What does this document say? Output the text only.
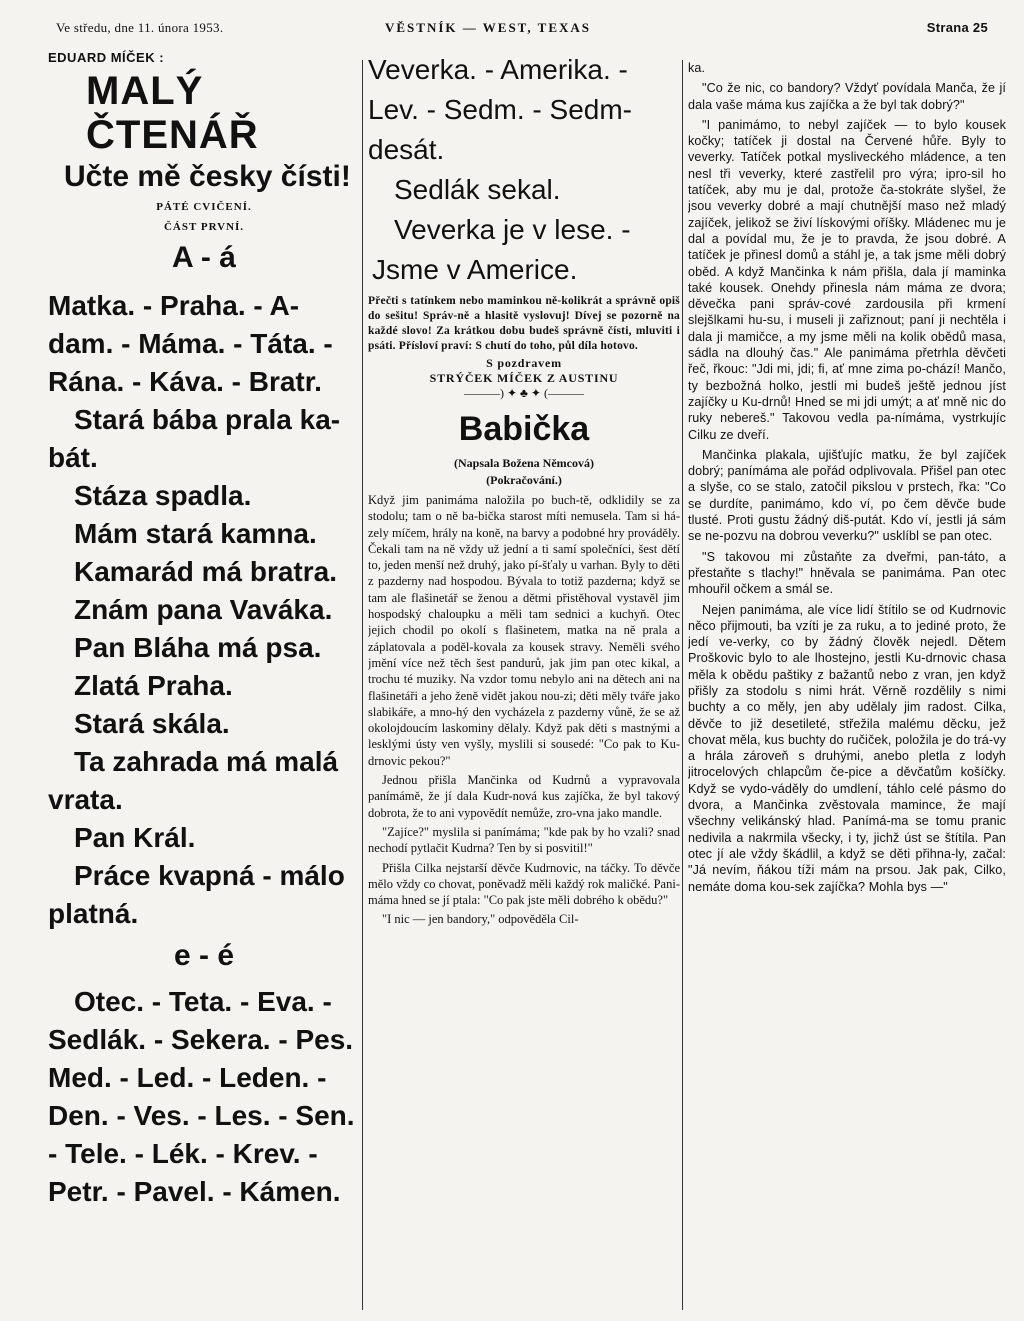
Ve středu, dne 11. února 1953.	VĚSTNÍK — WEST, TEXAS	Strana 25
EDUARD MÍČEK :
MALÝ ČTENÁŘ
Učte mě česky čísti!
PÁTÉ CVIČENÍ.
ČÁST PRVNÍ.
A - á
Matka. - Praha. - A-
dam. - Máma. - Táta. -
Rána. - Káva. - Bratr.
Stará bába prala ka-
bát.
Stáza spadla.
Mám stará kamna.
Kamarád má bratra.
Znám pana Vaváka.
Pan Bláha má psa.
Zlatá Praha.
Stará skála.
Ta zahrada má malá
vrata.
Pan Král.
Práce kvapná - málo
platná.
e - é
Otec. - Teta. - Eva. -
Sedlák. - Sekera. - Pes.
Med. - Led. - Leden. -
Den. - Ves. - Les. - Sen.
- Tele. - Lék. - Krev. -
Petr. - Pavel. - Kámen.
Veverka. - Amerika. -
Lev. - Sedm. - Sedm-
desát.
Sedlák sekal.
Veverka je v lese. -
Jsme v Americe.
Přečti s tatínkem nebo maminkou ně-kolikrát a správně opiš do sešitu! Správ-ně a hlasitě vyslovuj! Dívej se pozorně na každé slovo! Za krátkou dobu budeš správně čísti, mluviti i psáti. Přísloví praví: S chutí do toho, půl díla hotovo.
S pozdravem
STRÝČEK MÍČEK Z AUSTINU
———) ✦ ♣ ✦ (———
Babička
(Napsala Božena Němcová)
(Pokračování.)
Když jim panimáma naložila po buch-tě, odklidily se za stodolu; tam o ně ba-bička starost míti nemusela. Tam si há-zely míčem, hrály na koně, na barvy a podobné hry prováděly. Čekali tam na ně vždy už jední a ti samí společníci, šest dětí to, jeden menší než druhý, jako pí-šťaly u varhan. Byly to děti z pazderny nad hospodou. Bývala to totiž pazderna; když se tam ale flašinetář se ženou a dětmi přistěhoval vystavěl jim hospodský chaloupku a měli tam sednici a kuchyň. Otec jejich chodil po okolí s flašinetem, matka na ně prala a záplatovala a poděl-kovala za kousek stravy. Neměli svého jmění více než těch šest pandurů, jak jim pan otec kikal, a trochu té muziky. Na vzdor tomu nebylo ani na dětech ani na flašinetáři a jeho ženě vidět jakou nou-zi; děti měly tváře jako slabikáře, a mno-hý den vycházela z pazderny vůně, že se až okolojdoucím laskominy dělaly. Když pak děti s mastnými a lesklými ústy ven vyšly, myslili si sousedé: "Co pak to Ku-drnovic pekou?"
Jednou přišla Mančinka od Kudrnů a vypravovala panímámě, že jí dala Kudr-nová kus zajíčka, že byl takový dobrota, že to ani vypovědít nemůže, zro-vna jako mandle.
"Zajíce?" myslila si panímáma; "kde pak by ho vzali? snad nechodí pytlačit Kudrna? Ten by si posvitil!"
Přišla Cilka nejstarší děvče Kudrnovic, na táčky. To děvče mělo vždy co chovat, poněvadž měli každý rok maličké. Pani-máma hned se jí ptala: "Co pak jste měli dobrého k obědu?"
"I nic — jen bandory," odpověděla Cil-
ka.
"Co že nic, co bandory? Vždyť povídala Manča, že jí dala vaše máma kus zajíčka a že byl tak dobrý?"
"I panimámo, to nebyl zajíček — to bylo kousek kočky; tatíček ji dostal na Červené hůře. Byly to veverky. Tatíček potkal mysliveckého mládence, a ten nesl tři veverky, které zastřelil pro výra; ipro-sil ho tatíček, aby mu je dal, protože ča-stokráte slyšel, že jsou veverky dobré a mají chutnější maso než mladý zajíček, jelikož se živí lískovými oříšky. Mládenec mu je dal a povídal mu, že je to pravda, že jsou dobré. A tatíček je přinesl domů a stáhl je, a tak jsme měli dobrý oběd. A když Mančinka k nám přišla, dala jí maminka také kousek. Onehdy přinesla nám máma ze dvora; děvečka pani správ-cové zardousila při krmení slejšlkami hu-su, i museli ji zařiznout; paní ji nechtěla i dala ji mamičce, a my jsme měli na kolik obědů masa, sádla na dlouhý čas." Ale panimáma přetrhla děvčeti řeč, řkouc: "Jdi mi, jdi; fi, ať mne zima po-chází! Mančo, ty bezbožná holko, jestli mi budeš ještě jednou jíst zajíčky u Ku-drnů! Hned se mi jdi umýt; a ať mně nic do ruky nebereš." Takovou vedla pa-nímáma, vystrkujíc Cilku ze dveří.
Mančinka plakala, ujišťujíc matku, že byl zajíček dobrý; panímáma ale pořád odplivovala. Přišel pan otec a slyše, co se stalo, zatočil pikslou v prstech, řka: "Co se durdíte, panimámo, kdo ví, po čem děvče bude tlusté. Proti gustu žádný diš-putát. Kdo ví, jestli já sám se ne-pozvu na dobrou veverku?" usklíbl se pan otec.
"S takovou mi zůstaňte za dveřmi, pan-táto, a přestaňte s tlachy!" hněvala se panimáma. Pan otec mhouřil očkem a smál se.
Nejen panimáma, ale více lidí štítilo se od Kudrnovic něco přijmouti, ba vzíti je za ruku, a to jediné proto, že jedí ve-verky, co by žádný člověk nejedl. Dětem Proškovic bylo to ale lhostejno, jestli Ku-drnovic chasa měla k obědu paštiky z bažantů nebo z vran, jen když přišly za stodolu s nimi hrát. Věrně rozdělily s nimi buchty a co měly, jen aby udělaly jim radost. Cilka, děvče to již desetileté, střežila malému děcku, jež chovat měla, kus buchty do ručiček, položila je do trá-vy a hrála zároveň s druhými, anebo pletla z lodyh jitrocelových chlapcům če-pice a děvčatům košíčky. Když se vydo-váděly do umdlení, táhlo celé pásmo do dvora, a Mančinka zvěstovala mamince, že mají všechny velikánský hlad. Panímá-ma se tomu pranic nedivila a nakrmila všecky, i ty, jichž úst se štítila. Pan otec jí ale vždy škádlil, a když se děti přihna-ly, začal: "Já nevím, ňákou tíži mám na prsou. Jak pak, Cilko, nemáte doma kou-sek zajíčka? Mohla bys —"
